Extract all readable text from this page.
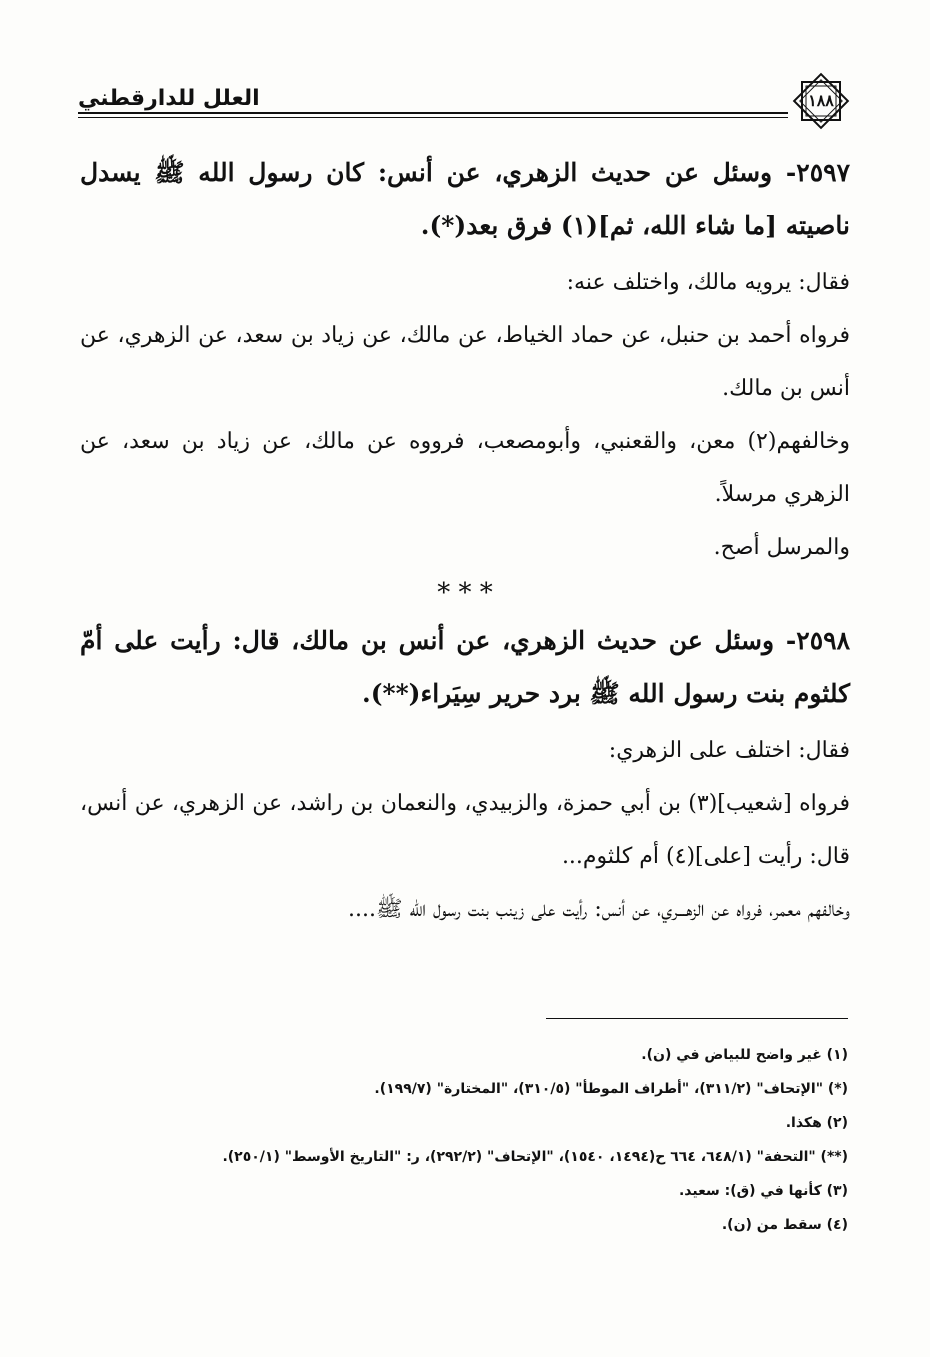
العلل للدارقطني	١٨٨

٢٥٩٧- وسئل عن حديث الزهري، عن أنس: كان رسول الله ﷺ يسدل ناصيته [ما شاء الله، ثم](١) فرق بعد(*).

فقال: يرويه مالك، واختلف عنه:

فرواه أحمد بن حنبل، عن حماد الخياط، عن مالك، عن زياد بن سعد، عن الزهري، عن أنس بن مالك.

وخالفهم(٢) معن، والقعنبي، وأبومصعب، فرووه عن مالك، عن زياد بن سعد، عن الزهري مرسلاً.

والمرسل أصح.

* * *

٢٥٩٨- وسئل عن حديث الزهري، عن أنس بن مالك، قال: رأيت على أمّ كلثوم بنت رسول الله ﷺ برد حرير سِيَراء(**).

فقال: اختلف على الزهري:

فرواه [شعيب](٣) بن أبي حمزة، والزبيدي، والنعمان بن راشد، عن الزهري، عن أنس، قال: رأيت [على](٤) أم كلثوم...

وخالفهم معمر، فرواه عن الزهـــري، عن أنس: رأيت على زينب بنت رسول الله ﷺ....

(١) غير واضح للبياض في (ن).
(*) "الإتحاف" (٣١١/٢)، "أطراف الموطأ" (٣١٠/٥)، "المختارة" (١٩٩/٧).
(٢) هكذا.
(**) "التحفة" (٦٤٨/١، ٦٦٤ ح(١٤٩٤، ١٥٤٠)، "الإتحاف" (٢٩٢/٢)، ر: "التاريخ الأوسط" (٢٥٠/١).
(٣) كأنها في (ق): سعيد.
(٤) سقط من (ن).
